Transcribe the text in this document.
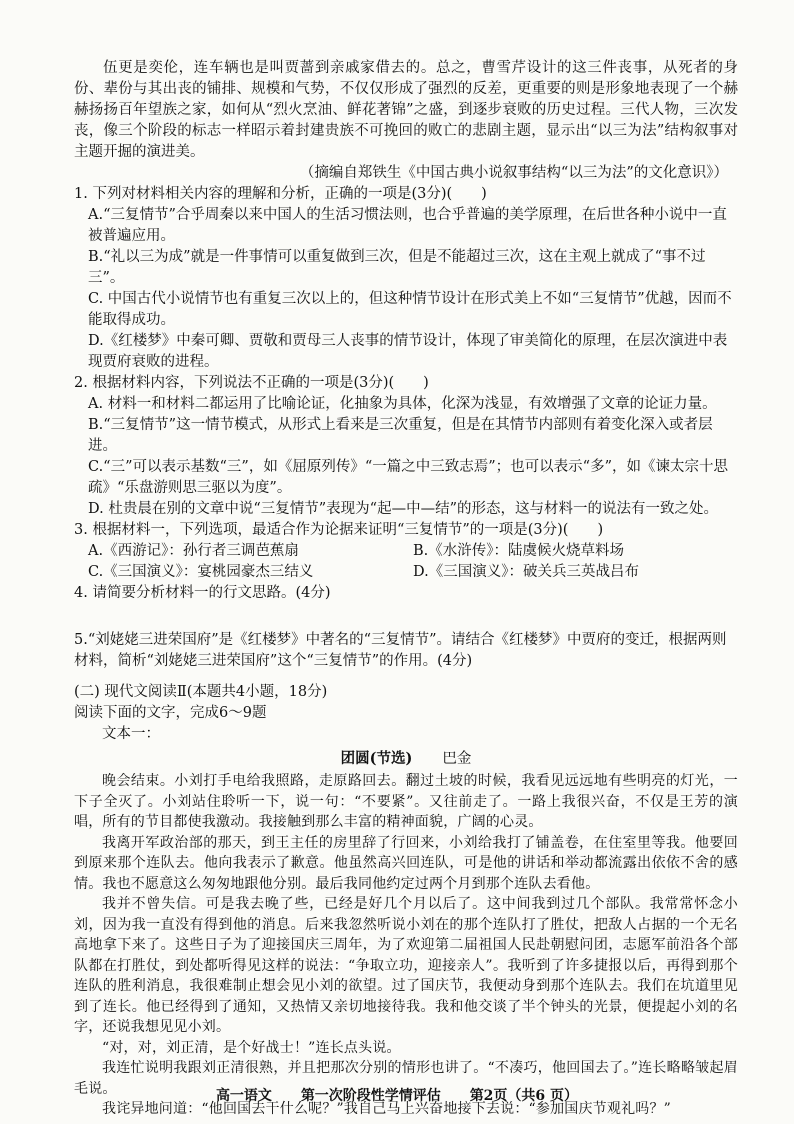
伍更是奕伦，连车辆也是叫贾蔷到亲戚家借去的。总之，曹雪芹设计的这三件丧事，从死者的身份、辈份与其出丧的铺排、规模和气势，不仅仅形成了强烈的反差，更重要的则是形象地表现了一个赫赫扬扬百年望族之家，如何从“烈火烹油、鲜花著锦”之盛，到逐步衰败的历史过程。三代人物，三次发丧，像三个阶段的标志一样昭示着封建贵族不可挽回的败亡的悲剧主题，显示出“以三为法”结构叙事对主题开掘的演进美。

（摘编自郑铁生《中国古典小说叙事结构“以三为法”的文化意识》）

1. 下列对材料相关内容的理解和分析，正确的一项是(3分)(　　)

A.“三复情节”合乎周秦以来中国人的生活习惯法则，也合乎普遍的美学原理，在后世各种小说中一直被普遍应用。

B.“礼以三为成”就是一件事情可以重复做到三次，但是不能超过三次，这在主观上就成了“事不过三”。

C. 中国古代小说情节也有重复三次以上的，但这种情节设计在形式美上不如“三复情节”优越，因而不能取得成功。

D.《红楼梦》中秦可卿、贾敬和贾母三人丧事的情节设计，体现了审美简化的原理，在层次演进中表现贾府衰败的进程。

2. 根据材料内容，下列说法不正确的一项是(3分)(　　)

A. 材料一和材料二都运用了比喻论证，化抽象为具体，化深为浅显，有效增强了文章的论证力量。

B.“三复情节”这一情节模式，从形式上看来是三次重复，但是在其情节内部则有着变化深入或者层进。

C.“三”可以表示基数“三”，如《屈原列传》“一篇之中三致志焉”；也可以表示“多”，如《谏太宗十思疏》“乐盘游则思三驱以为度”。

D. 杜贵晨在别的文章中说“三复情节”表现为“起—中—结”的形态，这与材料一的说法有一致之处。

3. 根据材料一，下列选项，最适合作为论据来证明“三复情节”的一项是(3分)(　　)

A.《西游记》：孙行者三调芭蕉扇	B.《水浒传》：陆虞候火烧草料场
C.《三国演义》：宴桃园豪杰三结义	D.《三国演义》：破关兵三英战吕布

4. 请简要分析材料一的行文思路。(4分)

5.“刘姥姥三进荣国府”是《红楼梦》中著名的“三复情节”。请结合《红楼梦》中贾府的变迁，根据两则材料，简析“刘姥姥三进荣国府”这个“三复情节”的作用。(4分)

(二) 现代文阅读Ⅱ(本题共4小题，18分)

阅读下面的文字，完成6～9题

文本一：

团圆(节选) 巴金

晚会结束。小刘打手电给我照路，走原路回去。翻过土坡的时候，我看见远远地有些明亮的灯光，一下子全灭了。小刘站住聆听一下，说一句：“不要紧”。又往前走了。一路上我很兴奋，不仅是王芳的演唱，所有的节目都使我激动。我接触到那么丰富的精神面貌，广阔的心灵。

我离开军政治部的那天，到王主任的房里辞了行回来，小刘给我打了铺盖卷，在住室里等我。他要回到原来那个连队去。他向我表示了歉意。他虽然高兴回连队，可是他的讲话和举动都流露出依依不舍的感情。我也不愿意这么匆匆地跟他分别。最后我同他约定过两个月到那个连队去看他。

我并不曾失信。可是我去晚了些，已经是好几个月以后了。这中间我到过几个部队。我常常怀念小刘，因为我一直没有得到他的消息。后来我忽然听说小刘在的那个连队打了胜仗，把敌人占据的一个无名高地拿下来了。这些日子为了迎接国庆三周年，为了欢迎第二届祖国人民赴朝慰问团，志愿军前沿各个部队都在打胜仗，到处都听得见这样的说法：“争取立功，迎接亲人”。我听到了许多捷报以后，再得到那个连队的胜利消息，我很难制止想会见小刘的欲望。过了国庆节，我便动身到那个连队去。我们在坑道里见到了连长。他已经得到了通知，又热情又亲切地接待我。我和他交谈了半个钟头的光景，便提起小刘的名字，还说我想见见小刘。

“对，对，刘正清，是个好战士！”连长点头说。

我连忙说明我跟刘正清很熟，并且把那次分别的情形也讲了。“不凑巧，他回国去了。”连长略略皱起眉毛说。

我诧异地问道：“他回国去干什么呢？”我自己马上兴奋地接下去说：“参加国庆节观礼吗？”

高一语文 第一次阶段性学情评估 第2页（共6 页）
